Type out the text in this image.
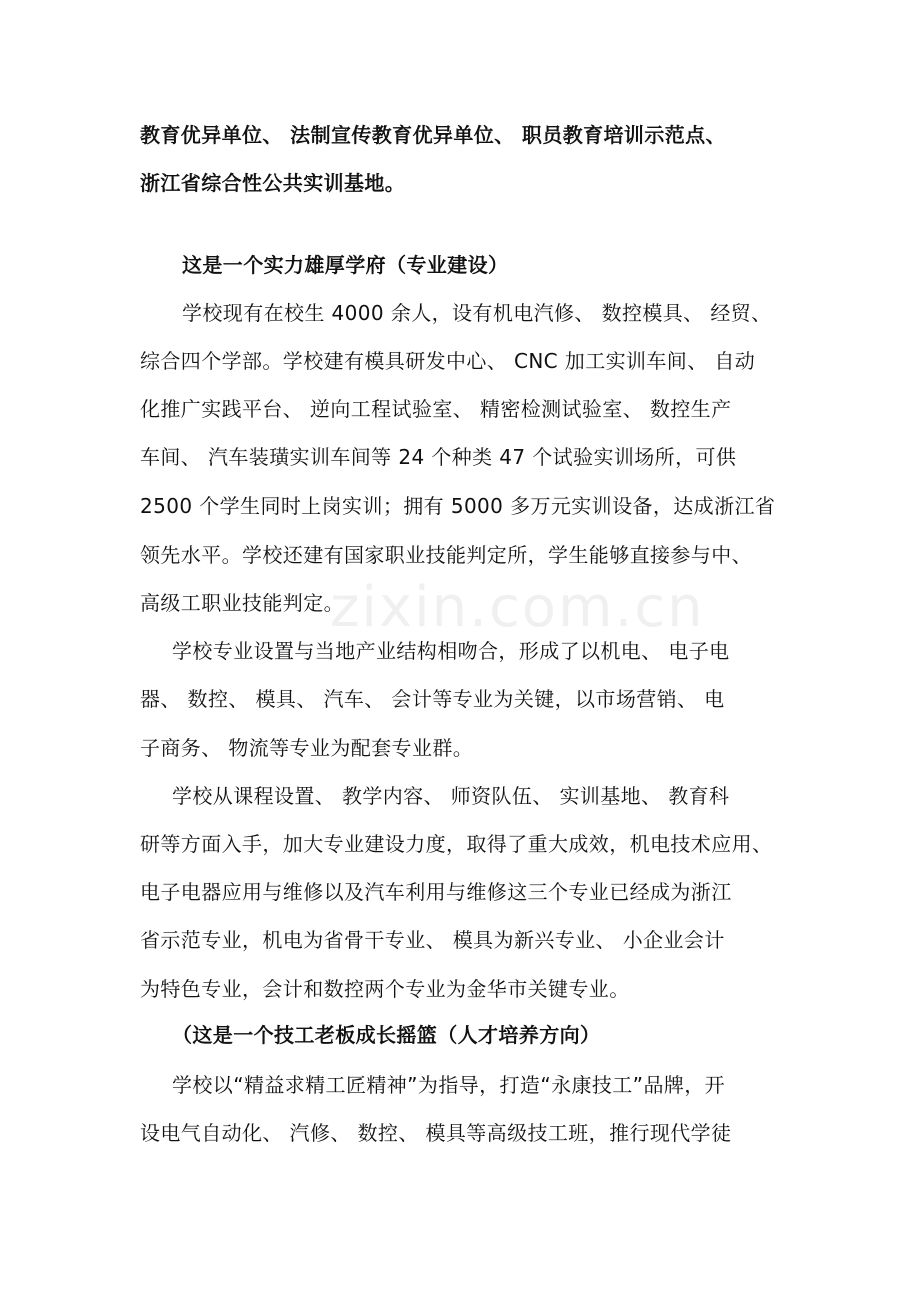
zixin.com.cn
教育优异单位、 法制宣传教育优异单位、 职员教育培训示范点、
浙江省综合性公共实训基地。
这是一个实力雄厚学府（专业建设）
学校现有在校生 4000 余人，设有机电汽修、 数控模具、 经贸、
综合四个学部。学校建有模具研发中心、 CNC 加工实训车间、 自动
化推广实践平台、 逆向工程试验室、 精密检测试验室、 数控生产
车间、 汽车装璜实训车间等 24 个种类 47 个试验实训场所，可供
2500 个学生同时上岗实训；拥有 5000 多万元实训设备，达成浙江省
领先水平。学校还建有国家职业技能判定所，学生能够直接参与中、
高级工职业技能判定。
学校专业设置与当地产业结构相吻合，形成了以机电、 电子电
器、 数控、 模具、 汽车、 会计等专业为关键，以市场营销、 电
子商务、 物流等专业为配套专业群。
学校从课程设置、 教学内容、 师资队伍、 实训基地、 教育科
研等方面入手，加大专业建设力度，取得了重大成效，机电技术应用、
电子电器应用与维修以及汽车利用与维修这三个专业已经成为浙江
省示范专业，机电为省骨干专业、 模具为新兴专业、 小企业会计
为特色专业，会计和数控两个专业为金华市关键专业。
（这是一个技工老板成长摇篮（人才培养方向）
学校以“精益求精工匠精神”为指导，打造“永康技工”品牌，开
设电气自动化、 汽修、 数控、 模具等高级技工班，推行现代学徒
